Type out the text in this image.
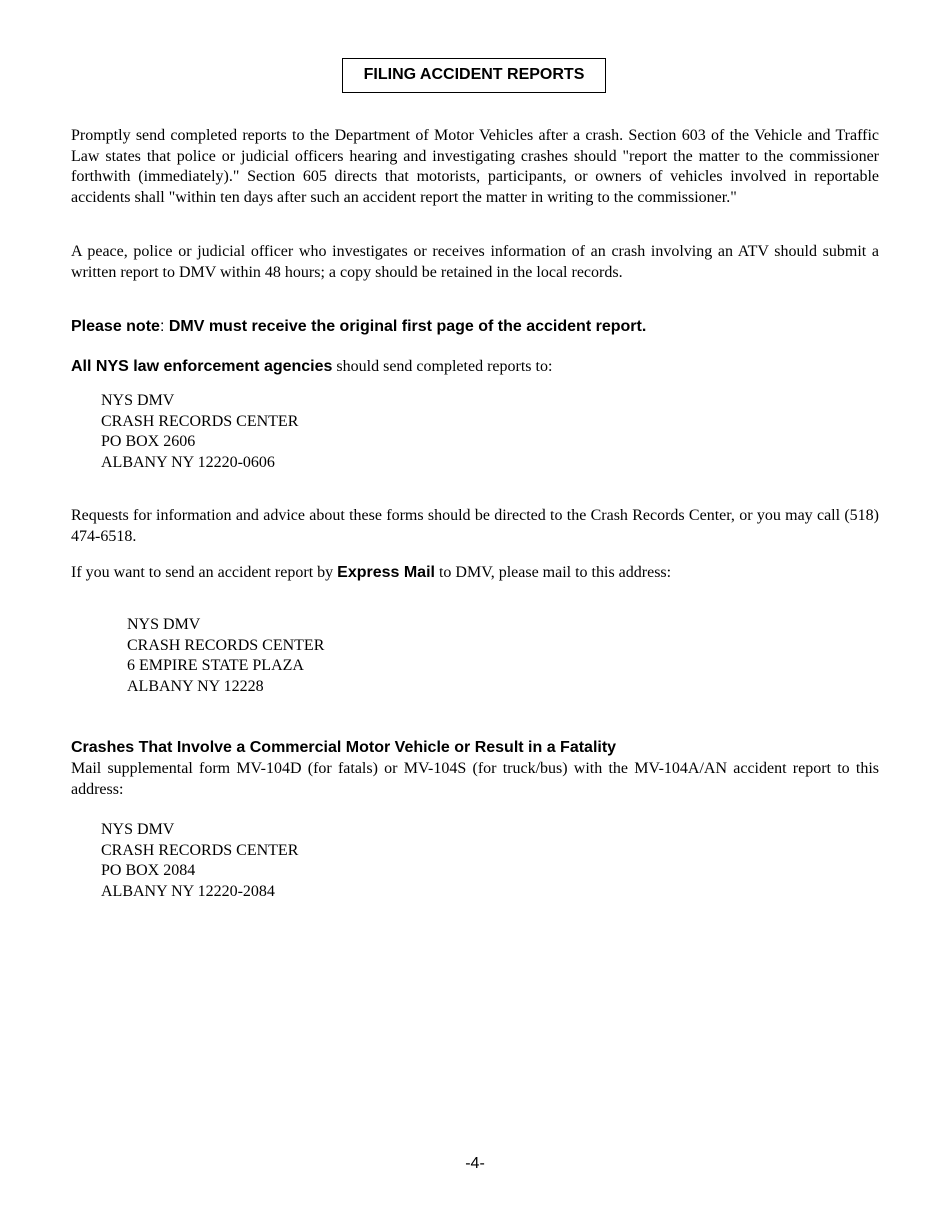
FILING ACCIDENT REPORTS

Promptly send completed reports to the Department of Motor Vehicles after a crash. Section 603 of the Vehicle and Traffic Law states that police or judicial officers hearing and investigating crashes should "report the matter to the commissioner forthwith (immediately)." Section 605 directs that motorists, participants, or owners of vehicles involved in reportable accidents shall "within ten days after such an accident report the matter in writing to the commissioner."

A peace, police or judicial officer who investigates or receives information of an crash involving an ATV should submit a written report to DMV within 48 hours; a copy should be retained in the local records.

Please note: DMV must receive the original first page of the accident report.

All NYS law enforcement agencies should send completed reports to:

NYS DMV
CRASH RECORDS CENTER
PO BOX 2606
ALBANY NY 12220-0606

Requests for information and advice about these forms should be directed to the Crash Records Center, or you may call (518) 474-6518.

If you want to send an accident report by Express Mail to DMV, please mail to this address:

NYS DMV
CRASH RECORDS CENTER
6 EMPIRE STATE PLAZA
ALBANY NY 12228

Crashes That Involve a Commercial Motor Vehicle or Result in a Fatality

Mail supplemental form MV-104D (for fatals) or MV-104S (for truck/bus) with the MV-104A/AN accident report to this address:

NYS DMV
CRASH RECORDS CENTER
PO BOX 2084
ALBANY NY 12220-2084
-4-
